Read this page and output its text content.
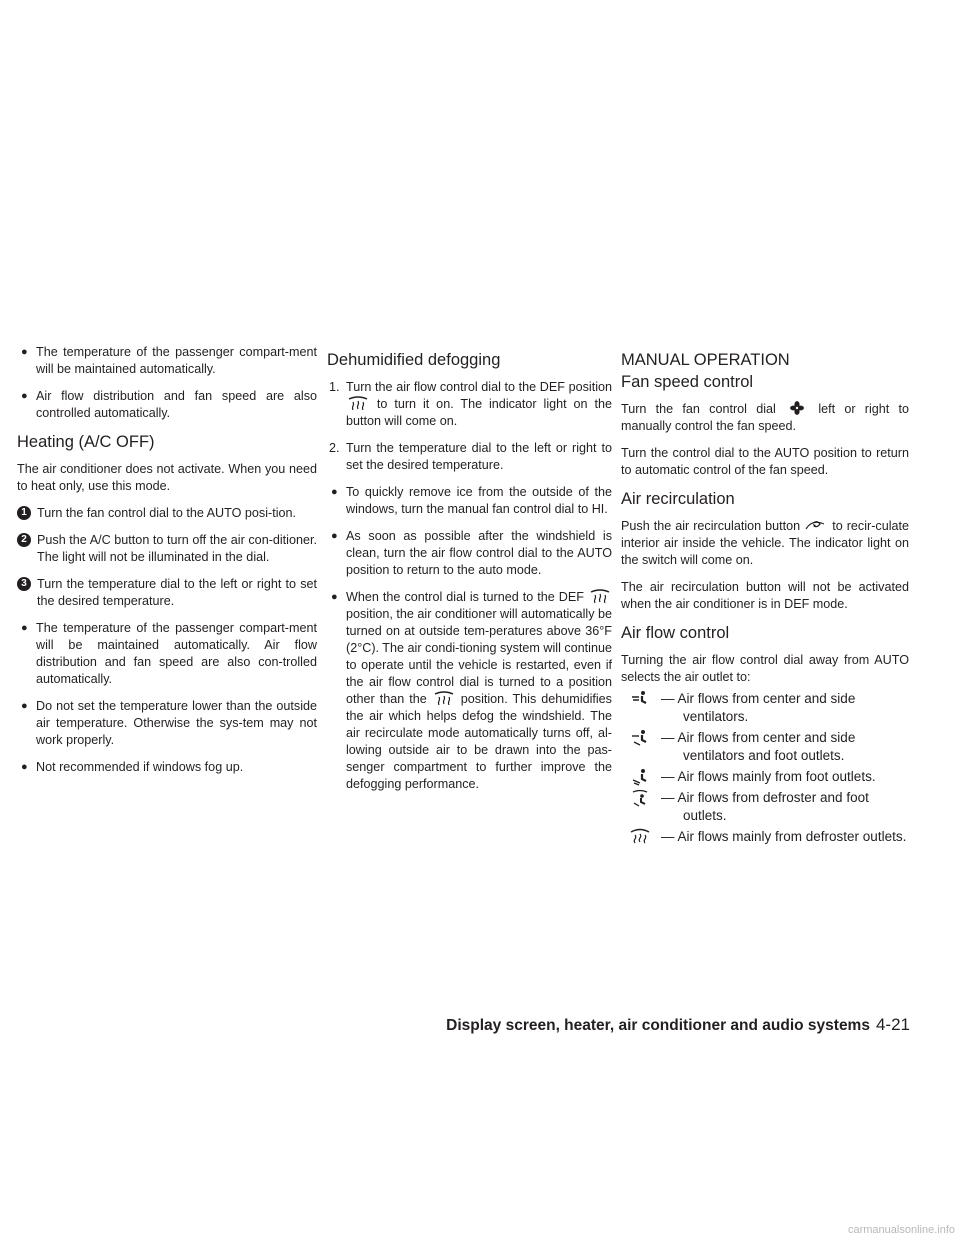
● The temperature of the passenger compart-ment will be maintained automatically.
● Air flow distribution and fan speed are also controlled automatically.
Heating (A/C OFF)

The air conditioner does not activate. When you need to heat only, use this mode.

1 Turn the fan control dial to the AUTO posi-tion.
2 Push the A/C button to turn off the air con-ditioner. The light will not be illuminated in the dial.
3 Turn the temperature dial to the left or right to set the desired temperature.
● The temperature of the passenger compart-ment will be maintained automatically. Air flow distribution and fan speed are also con-trolled automatically.
● Do not set the temperature lower than the outside air temperature. Otherwise the sys-tem may not work properly.
● Not recommended if windows fog up.
Dehumidified defogging
1. Turn the air flow control dial to the DEF position  to turn it on. The indicator light on the button will come on.
2. Turn the temperature dial to the left or right to set the desired temperature.
● To quickly remove ice from the outside of the windows, turn the manual fan control dial to HI.
● As soon as possible after the windshield is clean, turn the air flow control dial to the AUTO position to return to the auto mode.
● When the control dial is turned to the DEF  position, the air conditioner will automatically be turned on at outside tem-peratures above 36°F (2°C). The air condi-tioning system will continue to operate until the vehicle is restarted, even if the air flow control dial is turned to a position other than the	position. This dehumidifies the air which helps defog the windshield. The air recirculate mode automatically turns off, al-lowing outside air to be drawn into the pas-senger compartment to further improve the defogging performance.
MANUAL OPERATION
Fan speed control

Turn the fan control dial	left or right to manually control the fan speed.

Turn the control dial to the AUTO position to return to automatic control of the fan speed.

Air recirculation

Push the air recirculation button	to recir-culate interior air inside the vehicle. The indicator light on the switch will come on.

The air recirculation button will not be activated when the air conditioner is in DEF mode.

Air flow control

Turning the air flow control dial away from AUTO selects the air outlet to:

— Air flows from center and side ventilators.
— Air flows from center and side ventilators and foot outlets.
— Air flows mainly from foot outlets.
— Air flows from defroster and foot outlets.
— Air flows mainly from defroster outlets.
Display screen, heater, air conditioner and audio systems 4-21
carmanualsonline.info
